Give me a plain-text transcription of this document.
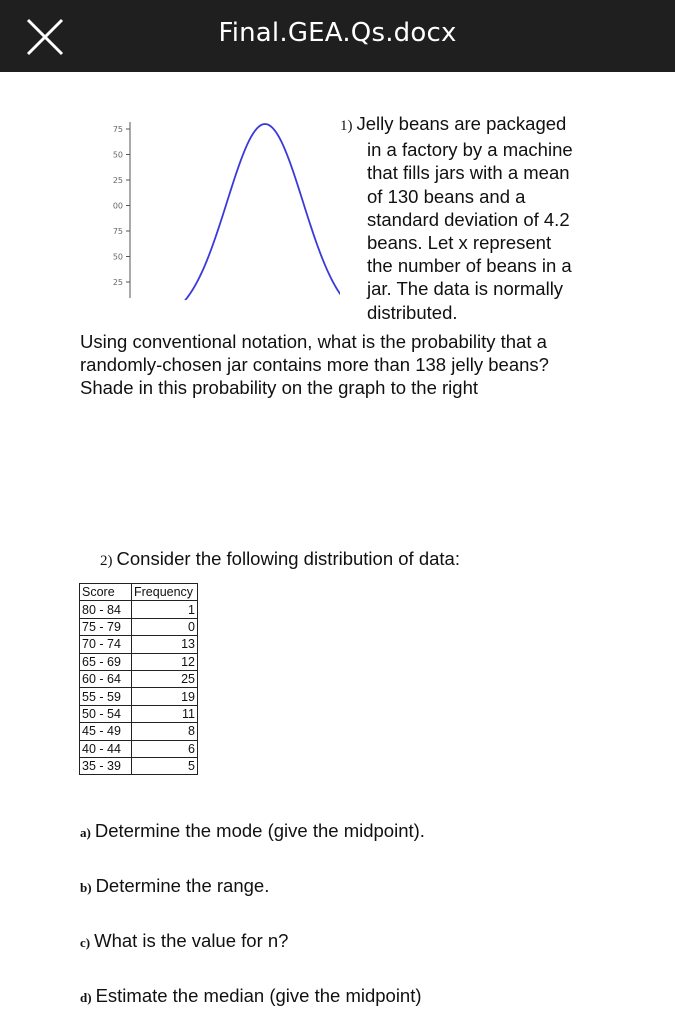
Final.GEA.Qs.docx
75
50
25
00
75
50
25
1) Jelly beans are packaged
in a factory by a machine
that fills jars with a mean
of 130 beans and a
standard deviation of 4.2
beans. Let x represent
the number of beans in a
jar. The data is normally
distributed.
Using conventional notation, what is the probability that a
randomly-chosen jar contains more than 138 jelly beans?
Shade in this probability on the graph to the right
2) Consider the following distribution of data:
Score	Frequency
80 - 84	1
75 - 79	0
70 - 74	13
65 - 69	12
60 - 64	25
55 - 59	19
50 - 54	11
45 - 49	8
40 - 44	6
35 - 39	5
a) Determine the mode (give the midpoint).
b) Determine the range.
c) What is the value for n?
d) Estimate the median (give the midpoint)
